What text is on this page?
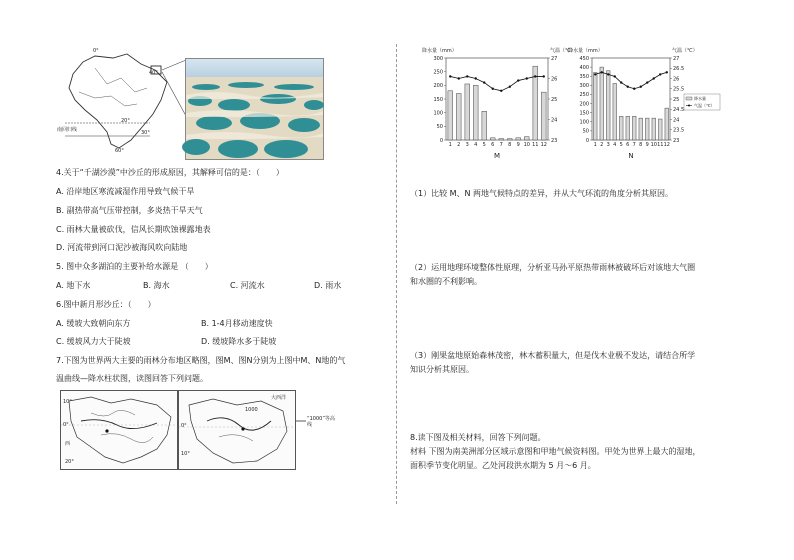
0°
40°
南回归线
20°
30°
60°
4.关于“千湖沙漠”中沙丘的形成原因，其解释可信的是：（　　）
A. 沿岸地区寒流减湿作用导致气候干旱
B. 副热带高气压带控制，多炎热干旱天气
C. 雨林大量被砍伐，信风长期吹蚀裸露地表
D. 河流带到河口泥沙被海风吹向陆地
5. 图中众多湖泊的主要补给水源是 （　　）
A. 地下水	B. 海水	C. 河流水	D. 雨水
6.图中新月形沙丘：（　　）
A. 缓坡大致朝向东方	B. 1-4月移动速度快
C. 缓坡风力大于陡坡	D. 缓坡降水多于陡坡
7.下图为世界两大主要的雨林分布地区略图，图M、图N分别为上图中M、N地的气
温曲线—降水柱状图，读图回答下列问题。
10°
0°
西
20°
大西洋
1000
0°
10°
“1000”等高线
降水量（mm）	气温（℃）
300
250
200
150
100
50
0
27
26
25
24
23
1 2 3 4 5 6 7 8 9 10 11 12
M
降水量（mm）	气温（℃）
450
400
350
300
250
200
150
100
50
0
27
26.5
26
25.5
25
24.5
24
23.5
23
1 2 3 4 5 6 7 8 9 10 11 12
N
降水量
气温（℃）
（1）比较 M、N 两地气候特点的差异，并从大气环流的角度分析其原因。
（2）运用地理环境整体性原理，分析亚马孙平原热带雨林被破坏后对该地大气圈
和水圈的不利影响。
（3）刚果盆地原始森林茂密，林木蓄积量大，但是伐木业极不发达，请结合所学
知识分析其原因。
8.读下图及相关材料，回答下列问题。
材料 下图为南美洲部分区域示意图和甲地气候资料图。甲处为世界上最大的湿地，
面积季节变化明显。乙处河段洪水期为 5 月～6 月。
